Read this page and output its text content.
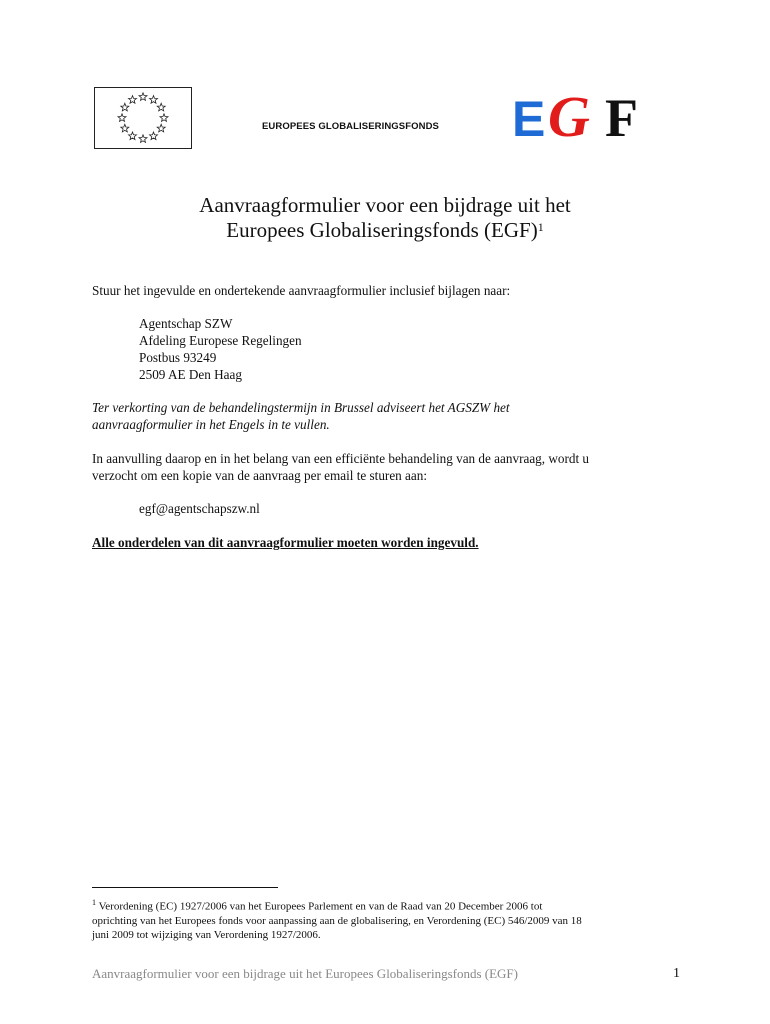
EUROPEES GLOBALISERINGSFONDS E G F
Aanvraagformulier voor een bijdrage uit het
Europees Globaliseringsfonds (EGF)$^1$
Stuur het ingevulde en ondertekende aanvraagformulier inclusief bijlagen naar:
Agentschap SZW
Afdeling Europese Regelingen
Postbus 93249
2509 AE Den Haag
Ter verkorting van de behandelingstermijn in Brussel adviseert het AGSZW het
aanvraagformulier in het Engels in te vullen.
In aanvulling daarop en in het belang van een efficiënte behandeling van de aanvraag, wordt u
verzocht om een kopie van de aanvraag per email te sturen aan:
egf@agentschapszw.nl
Alle onderdelen van dit aanvraagformulier moeten worden ingevuld.
$^1$ Verordening (EC) 1927/2006 van het Europees Parlement en van de Raad van 20 December 2006 tot
oprichting van het Europees fonds voor aanpassing aan de globalisering, en Verordening (EC) 546/2009 van 18
juni 2009 tot wijziging van Verordening 1927/2006.
Aanvraagformulier voor een bijdrage uit het Europees Globaliseringsfonds (EGF)	1
